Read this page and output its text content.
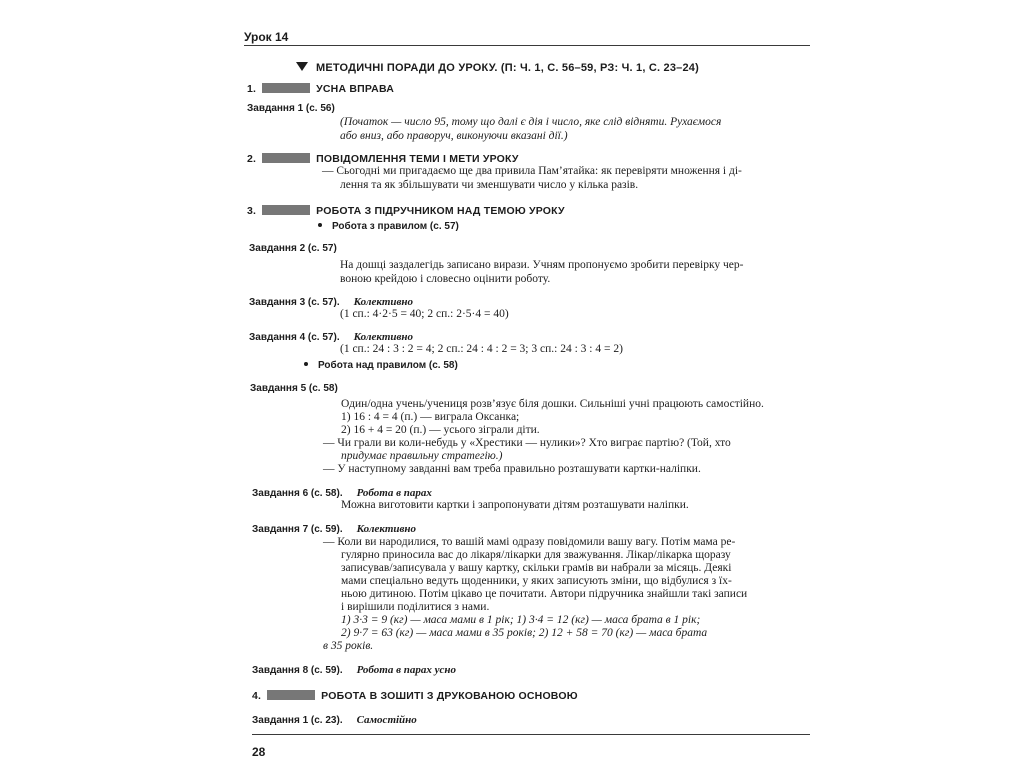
Урок 14
МЕТОДИЧНІ ПОРАДИ ДО УРОКУ. (П: Ч. 1, С. 56–59, РЗ: Ч. 1, С. 23–24)
1.	УСНА ВПРАВА
Завдання 1 (с. 56)
(Початок — число 95, тому що далі є дія і число, яке слід відняти. Рухаємося
або вниз, або праворуч, виконуючи вказані дії.)
2.	ПОВІДОМЛЕННЯ ТЕМИ І МЕТИ УРОКУ
— Сьогодні ми пригадаємо ще два привила Пам’ятайка: як перевіряти множення і ді-
лення та як збільшувати чи зменшувати число у кілька разів.
3.	РОБОТА З ПІДРУЧНИКОМ НАД ТЕМОЮ УРОКУ
Робота з правилом (с. 57)
Завдання 2 (с. 57)
На дошці заздалегідь записано вирази. Учням пропонуємо зробити перевірку чер-
воною крейдою і словесно оцінити роботу.
Завдання 3 (с. 57). Колективно
(1 сп.: 4·2·5 = 40; 2 сп.: 2·5·4 = 40)
Завдання 4 (с. 57). Колективно
(1 сп.: 24 : 3 : 2 = 4; 2 сп.: 24 : 4 : 2 = 3; 3 сп.: 24 : 3 : 4 = 2)
Робота над правилом (с. 58)
Завдання 5 (с. 58)
Один/одна учень/учениця розв’язує біля дошки. Сильніші учні працюють самостійно.
1) 16 : 4 = 4 (п.) — виграла Оксанка;
2) 16 + 4 = 20 (п.) — усього зіграли діти.
— Чи грали ви коли-небудь у «Хрестики — нулики»? Хто виграє партію? (Той, хто
придумає правильну стратегію.)
— У наступному завданні вам треба правильно розташувати картки-наліпки.
Завдання 6 (с. 58). Робота в парах
Можна виготовити картки і запропонувати дітям розташувати наліпки.
Завдання 7 (с. 59). Колективно
— Коли ви народилися, то вашій мамі одразу повідомили вашу вагу. Потім мама ре-
гулярно приносила вас до лікаря/лікарки для зважування. Лікар/лікарка щоразу
записував/записувала у вашу картку, скільки грамів ви набрали за місяць. Деякі
мами спеціально ведуть щоденники, у яких записують зміни, що відбулися з їх-
ньою дитиною. Потім цікаво це почитати. Автори підручника знайшли такі записи
і вирішили поділитися з нами.
1) 3·3 = 9 (кг) — маса мами в 1 рік; 1) 3·4 = 12 (кг) — маса брата в 1 рік;
2) 9·7 = 63 (кг) — маса мами в 35 років; 2) 12 + 58 = 70 (кг) — маса брата
в 35 років.
Завдання 8 (с. 59). Робота в парах усно
4.	РОБОТА В ЗОШИТІ З ДРУКОВАНОЮ ОСНОВОЮ
Завдання 1 (с. 23). Самостійно
28
